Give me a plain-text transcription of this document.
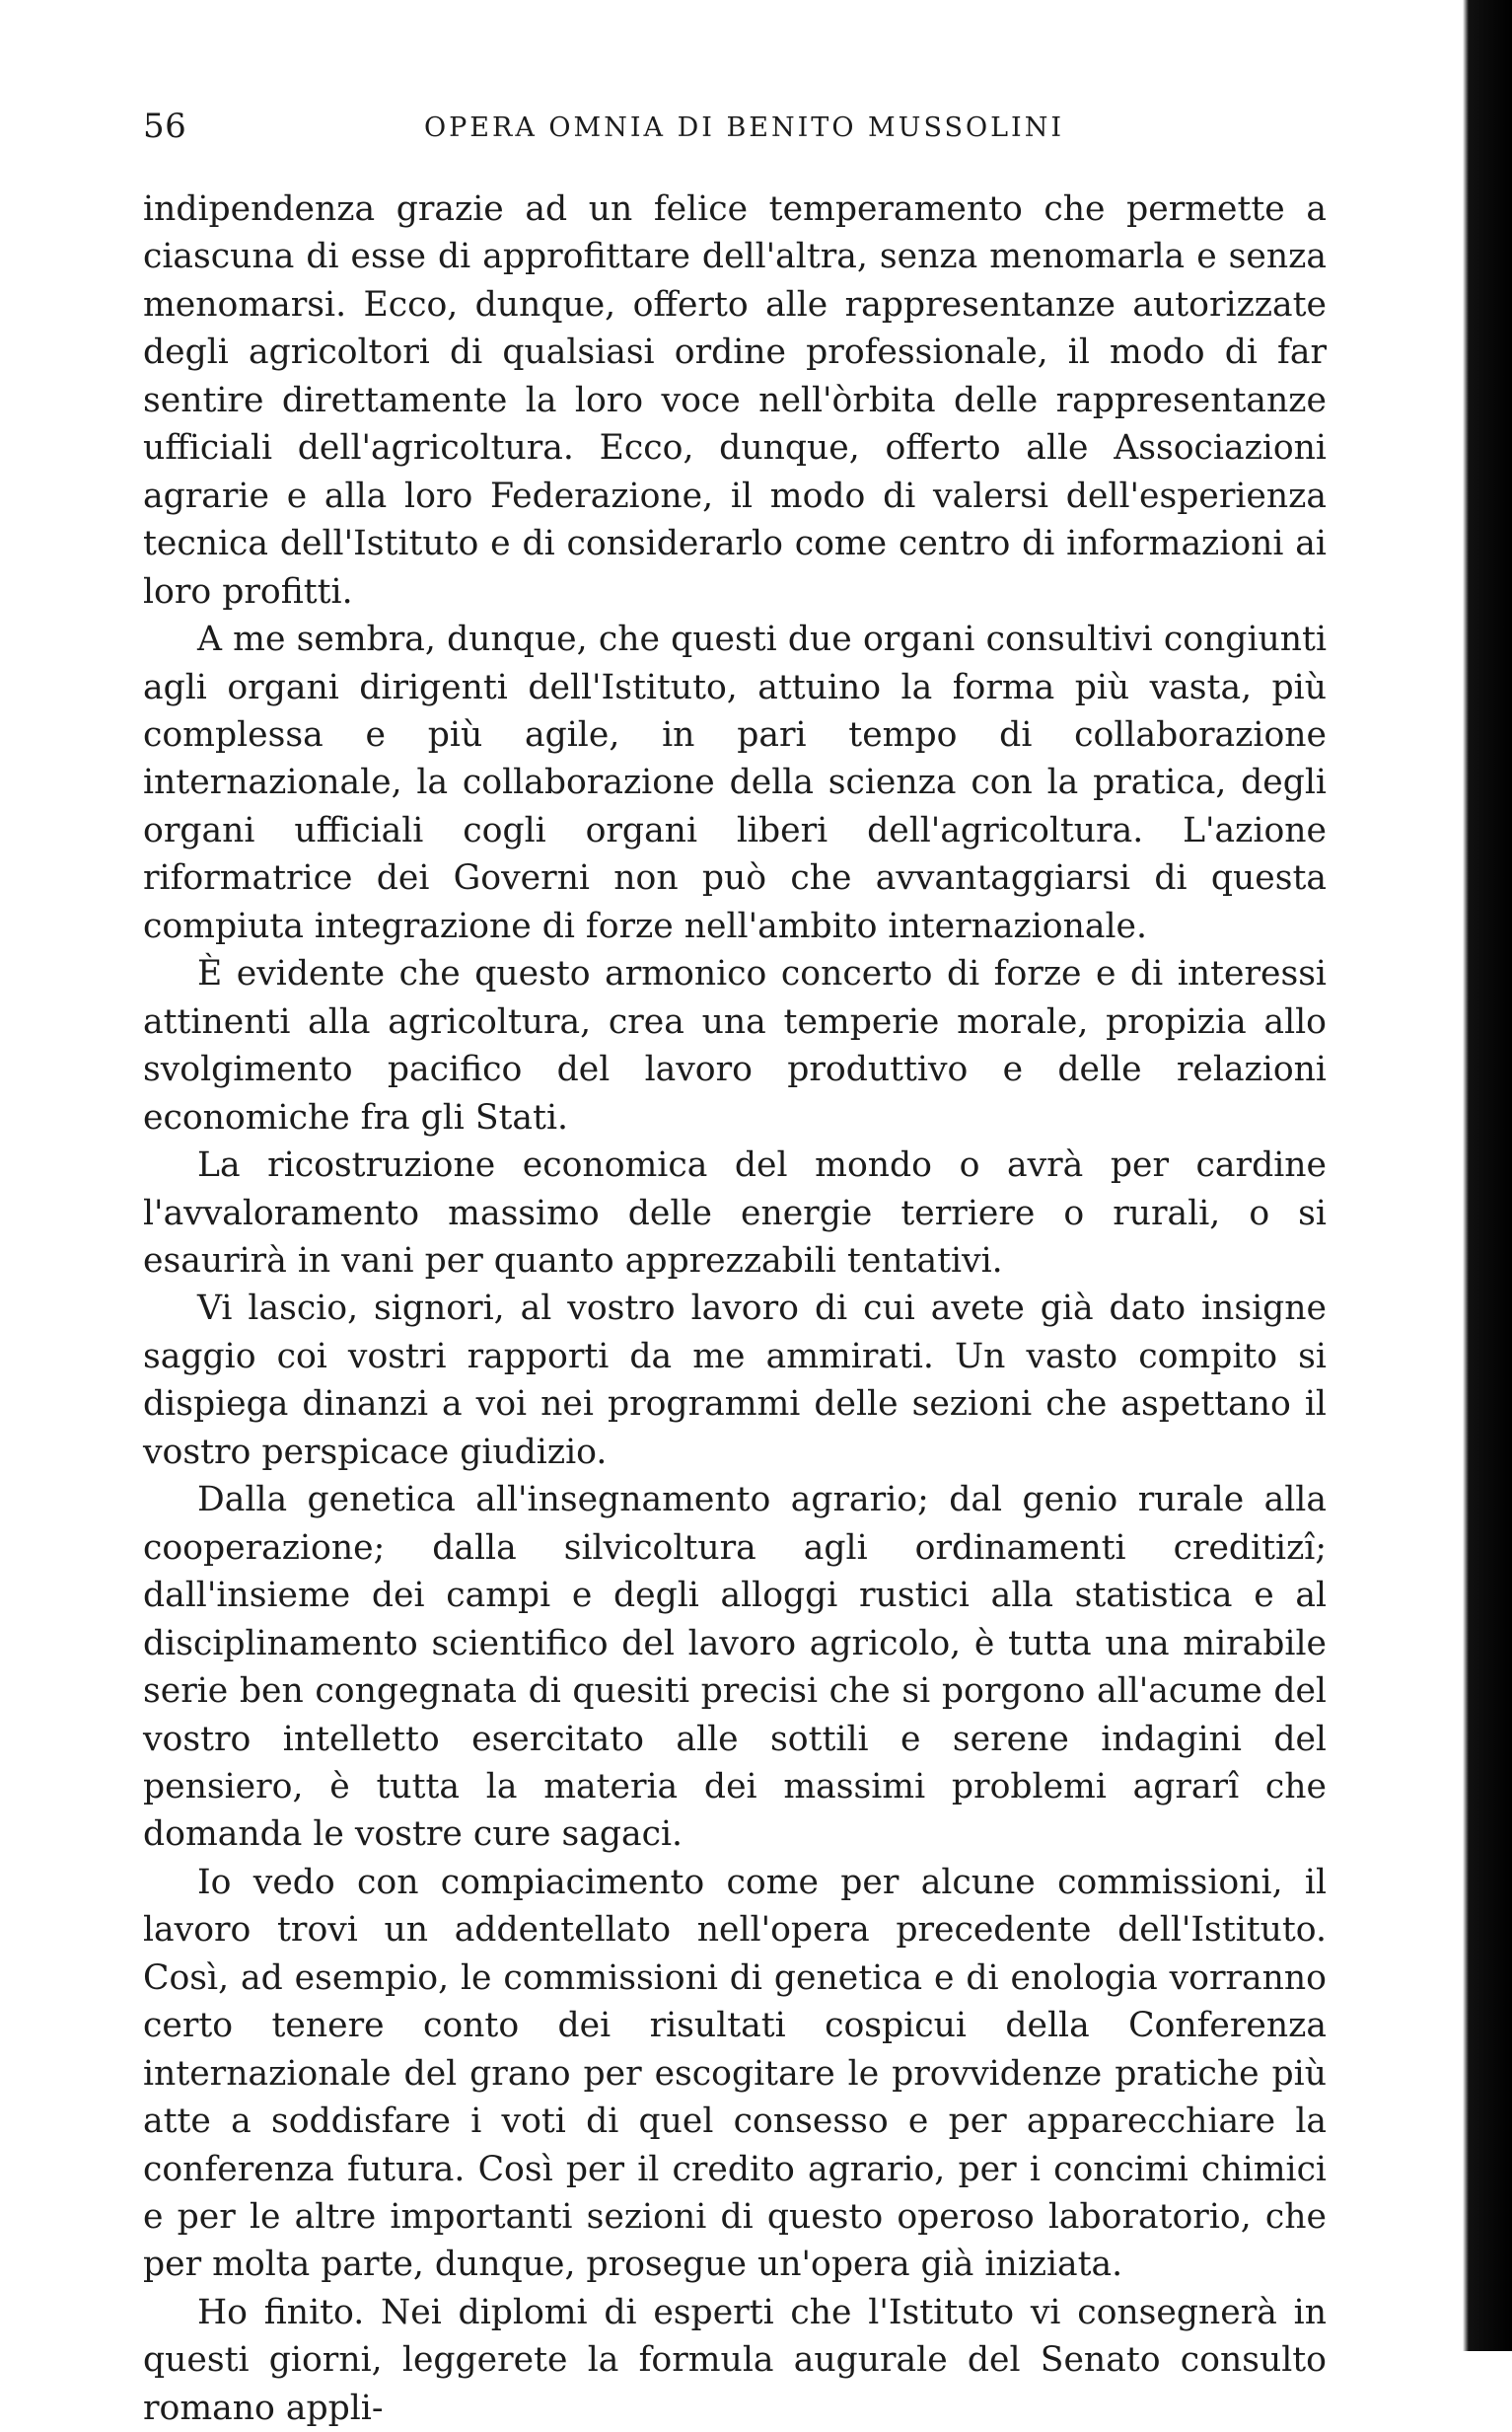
56	OPERA OMNIA DI BENITO MUSSOLINI

indipendenza grazie ad un felice temperamento che permette a ciascuna di esse di approfittare dell'altra, senza menomarla e senza menomarsi. Ecco, dunque, offerto alle rappresentanze autorizzate degli agricoltori di qualsiasi ordine professionale, il modo di far sentire direttamente la loro voce nell'òrbita delle rappresentanze ufficiali dell'agricoltura. Ecco, dunque, offerto alle Associazioni agrarie e alla loro Federazione, il modo di valersi dell'esperienza tecnica dell'Istituto e di considerarlo come centro di informazioni ai loro profitti.

A me sembra, dunque, che questi due organi consultivi congiunti agli organi dirigenti dell'Istituto, attuino la forma più vasta, più complessa e più agile, in pari tempo di collaborazione internazionale, la collaborazione della scienza con la pratica, degli organi ufficiali cogli organi liberi dell'agricoltura. L'azione riformatrice dei Governi non può che avvantaggiarsi di questa compiuta integrazione di forze nell'ambito internazionale.

È evidente che questo armonico concerto di forze e di interessi attinenti alla agricoltura, crea una temperie morale, propizia allo svolgimento pacifico del lavoro produttivo e delle relazioni economiche fra gli Stati.

La ricostruzione economica del mondo o avrà per cardine l'avvaloramento massimo delle energie terriere o rurali, o si esaurirà in vani per quanto apprezzabili tentativi.

Vi lascio, signori, al vostro lavoro di cui avete già dato insigne saggio coi vostri rapporti da me ammirati. Un vasto compito si dispiega dinanzi a voi nei programmi delle sezioni che aspettano il vostro perspicace giudizio.

Dalla genetica all'insegnamento agrario; dal genio rurale alla cooperazione; dalla silvicoltura agli ordinamenti creditizî; dall'insieme dei campi e degli alloggi rustici alla statistica e al disciplinamento scientifico del lavoro agricolo, è tutta una mirabile serie ben congegnata di quesiti precisi che si porgono all'acume del vostro intelletto esercitato alle sottili e serene indagini del pensiero, è tutta la materia dei massimi problemi agrarî che domanda le vostre cure sagaci.

Io vedo con compiacimento come per alcune commissioni, il lavoro trovi un addentellato nell'opera precedente dell'Istituto. Così, ad esempio, le commissioni di genetica e di enologia vorranno certo tenere conto dei risultati cospicui della Conferenza internazionale del grano per escogitare le provvidenze pratiche più atte a soddisfare i voti di quel consesso e per apparecchiare la conferenza futura. Così per il credito agrario, per i concimi chimici e per le altre importanti sezioni di questo operoso laboratorio, che per molta parte, dunque, prosegue un'opera già iniziata.

Ho finito. Nei diplomi di esperti che l'Istituto vi consegnerà in questi giorni, leggerete la formula augurale del Senato consulto romano appli-
